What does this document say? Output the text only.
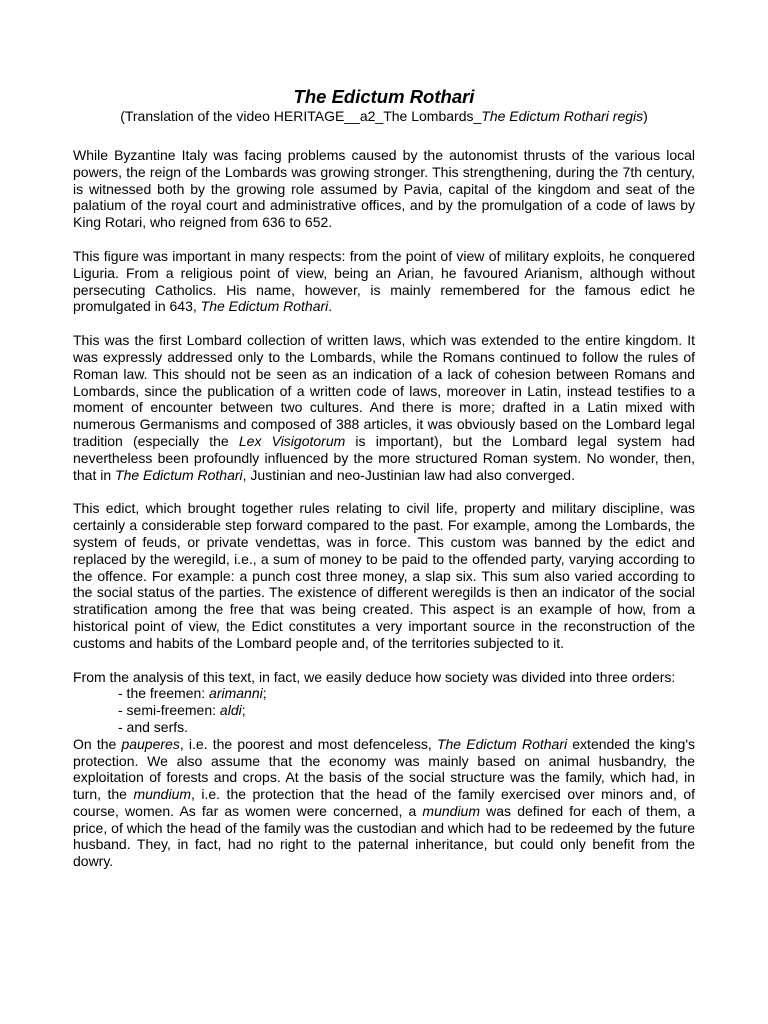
The Edictum Rothari

(Translation of the video HERITAGE__a2_The Lombards_The Edictum Rothari regis)

While Byzantine Italy was facing problems caused by the autonomist thrusts of the various local powers, the reign of the Lombards was growing stronger. This strengthening, during the 7th century, is witnessed both by the growing role assumed by Pavia, capital of the kingdom and seat of the palatium of the royal court and administrative offices, and by the promulgation of a code of laws by King Rotari, who reigned from 636 to 652.

This figure was important in many respects: from the point of view of military exploits, he conquered Liguria. From a religious point of view, being an Arian, he favoured Arianism, although without persecuting Catholics. His name, however, is mainly remembered for the famous edict he promulgated in 643, The Edictum Rothari.

This was the first Lombard collection of written laws, which was extended to the entire kingdom. It was expressly addressed only to the Lombards, while the Romans continued to follow the rules of Roman law. This should not be seen as an indication of a lack of cohesion between Romans and Lombards, since the publication of a written code of laws, moreover in Latin, instead testifies to a moment of encounter between two cultures. And there is more; drafted in a Latin mixed with numerous Germanisms and composed of 388 articles, it was obviously based on the Lombard legal tradition (especially the Lex Visigotorum is important), but the Lombard legal system had nevertheless been profoundly influenced by the more structured Roman system. No wonder, then, that in The Edictum Rothari, Justinian and neo-Justinian law had also converged.

This edict, which brought together rules relating to civil life, property and military discipline, was certainly a considerable step forward compared to the past. For example, among the Lombards, the system of feuds, or private vendettas, was in force. This custom was banned by the edict and replaced by the weregild, i.e., a sum of money to be paid to the offended party, varying according to the offence. For example: a punch cost three money, a slap six. This sum also varied according to the social status of the parties. The existence of different weregilds is then an indicator of the social stratification among the free that was being created. This aspect is an example of how, from a historical point of view, the Edict constitutes a very important source in the reconstruction of the customs and habits of the Lombard people and, of the territories subjected to it.

From the analysis of this text, in fact, we easily deduce how society was divided into three orders:

- the freemen: arimanni;
- semi-freemen: aldi;
- and serfs.

On the pauperes, i.e. the poorest and most defenceless, The Edictum Rothari extended the king's protection. We also assume that the economy was mainly based on animal husbandry, the exploitation of forests and crops. At the basis of the social structure was the family, which had, in turn, the mundium, i.e. the protection that the head of the family exercised over minors and, of course, women. As far as women were concerned, a mundium was defined for each of them, a price, of which the head of the family was the custodian and which had to be redeemed by the future husband. They, in fact, had no right to the paternal inheritance, but could only benefit from the dowry.
